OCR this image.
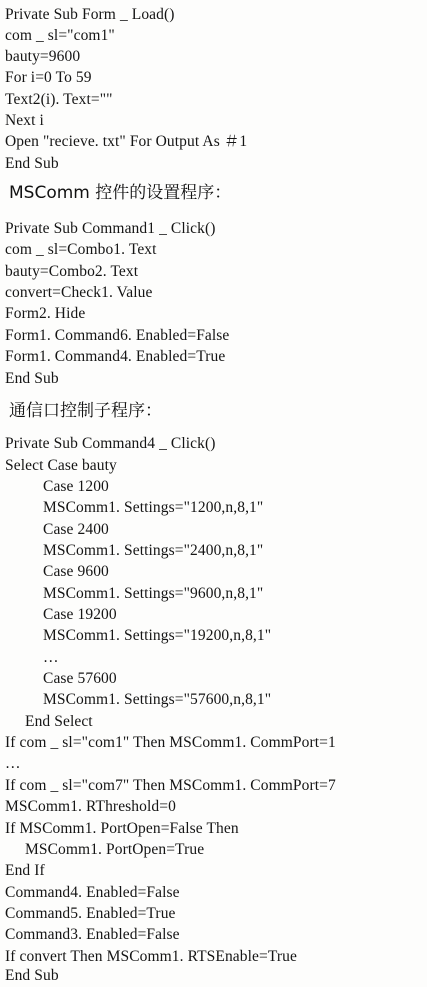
Private Sub Form _ Load()
com _ sl="com1"
bauty=9600
For i=0 To 59
Text2(i). Text=""
Next i
Open "recieve. txt" For Output As ＃1
End Sub
MSComm 控件的设置程序：
Private Sub Command1 _ Click()
com _ sl=Combo1. Text
bauty=Combo2. Text
convert=Check1. Value
Form2. Hide
Form1. Command6. Enabled=False
Form1. Command4. Enabled=True
End Sub
通信口控制子程序：
Private Sub Command4 _ Click()
Select Case bauty
Case 1200
MSComm1. Settings="1200,n,8,1"
Case 2400
MSComm1. Settings="2400,n,8,1"
Case 9600
MSComm1. Settings="9600,n,8,1"
Case 19200
MSComm1. Settings="19200,n,8,1"
…
Case 57600
MSComm1. Settings="57600,n,8,1"
End Select
If com _ sl="com1" Then MSComm1. CommPort=1
…
If com _ sl="com7" Then MSComm1. CommPort=7
MSComm1. RThreshold=0
If MSComm1. PortOpen=False Then
MSComm1. PortOpen=True
End If
Command4. Enabled=False
Command5. Enabled=True
Command3. Enabled=False
If convert Then MSComm1. RTSEnable=True
End Sub
